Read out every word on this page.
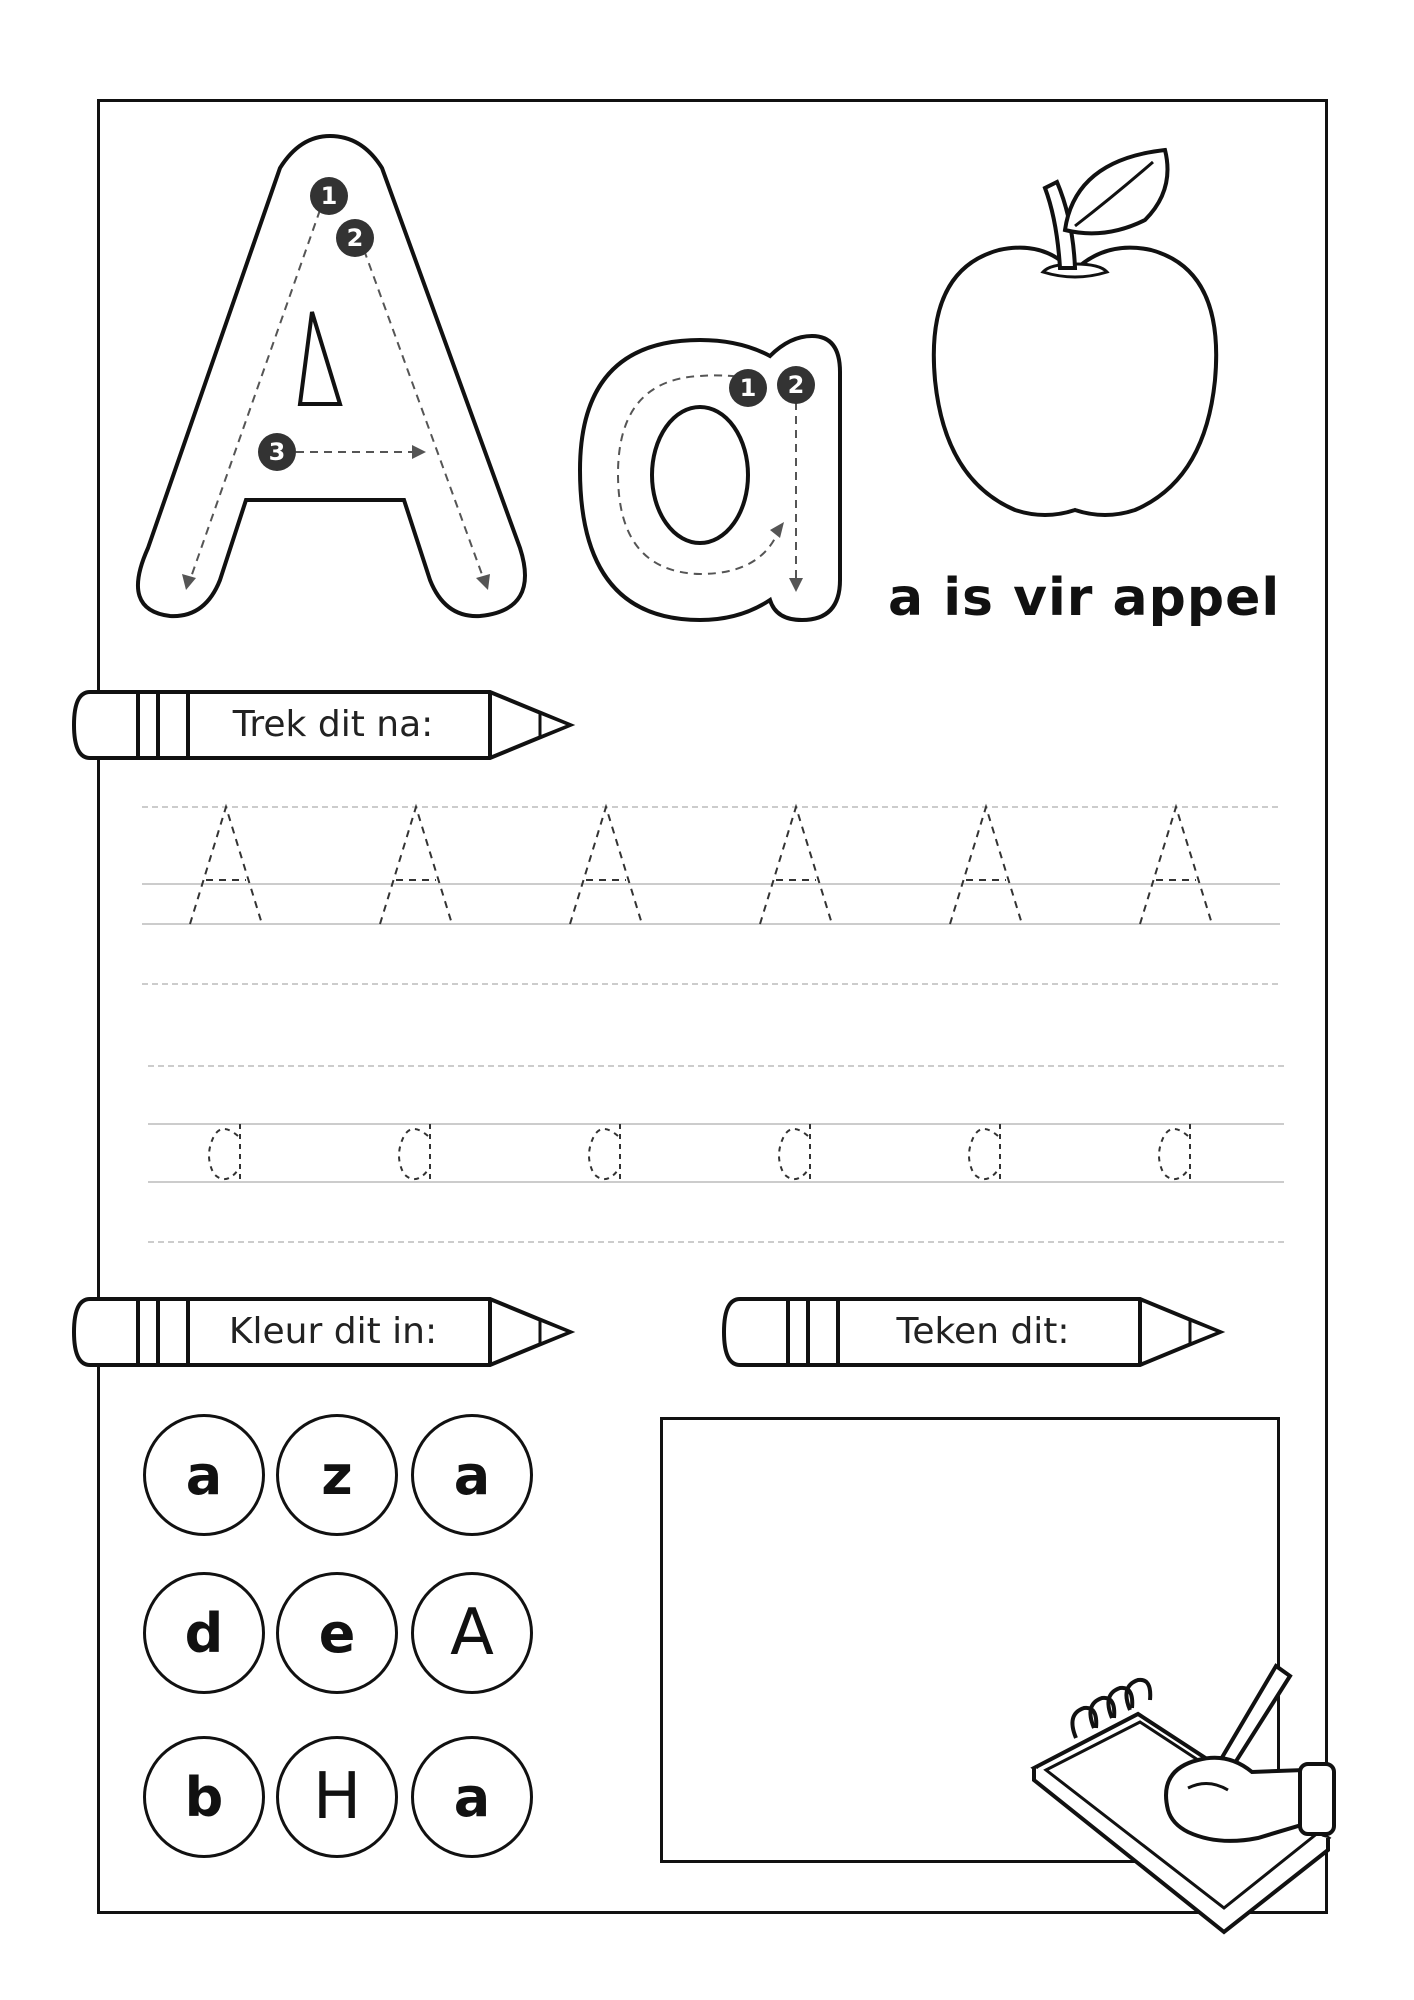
1
2
3
1 2
a is vir appel
Trek dit na:
Kleur dit in:	Teken dit:
a	z	a
d	e	A
b	H	a
